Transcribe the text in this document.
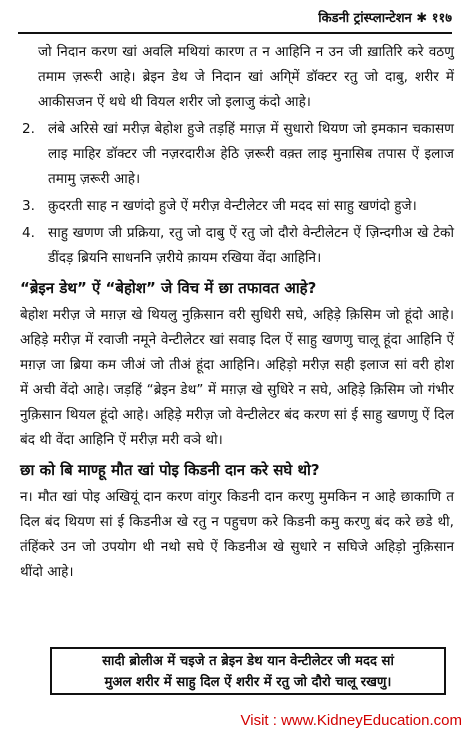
किडनी ट्रांस्प्लान्टेशन ✱ ११७

जो निदान करण खां अवलि मथियां कारण त न आहिनि न उन जी ख़ातिरि करे वठणु तमाम ज़रूरी आहे। ब्रेइन डेथ जे निदान खां अगि्में डॉक्टर रतु जो दाबु, शरीर में आकीसजन ऐं थधे थी वियल शरीर जो इलाजु कंदो आहे।

2. लंबे अरिसे खां मरीज़ बेहोश हुजे तड़हिं मग़ज़ में सुधारो थियण जो इमकान चकासण लाइ माहिर डॉक्टर जी नज़रदारीअ हेठि ज़रूरी वक़्त लाइ मुनासिब तपास ऐं इलाज तमामु ज़रूरी आहे।

3. क़ुदरती साह न खणंदो हुजे ऐं मरीज़ वेन्टीलेटर जी मदद सां साहु खणंदो हुजे।

4. साहु खणण जी प्रक्रिया, रतु जो दाबु ऐं रतु जो दौरो वेन्टीलेटन ऐं ज़िन्दगीअ खे टेको डींदड़ ब्रियनि साधननि ज़रीये क़ायम रखिया वेंदा आहिनि।

“ब्रेइन डेथ” ऐं “बेहोश” जे विच में छा तफावत आहे?

बेहोश मरीज़ जे मग़ज़ खे थियलु नुक़िसान वरी सुधिरी सघे, अहिड़े क़िसिम जो हूंदो आहे। अहिड़े मरीज़ में रवाजी नमूने वेन्टीलेटर खां सवाइ दिल ऐं साहु खणणु चालू हूंदा आहिनि ऐं मग़ज़ जा ब्रिया कम जीअं जो तीअं हूंदा आहिनि। अहिड़ो मरीज़ सही इलाज सां वरी होश में अची वेंदो आहे। जड़हिं “ब्रेइन डेथ” में मग़ज़ खे सुधिरे न सघे, अहिड़े क़िसिम जो गंभीर नुक़िसान थियल हूंदो आहे। अहिड़े मरीज़ जो वेन्टीलेटर बंद करण सां ई साहु खणणु ऐं दिल बंद थी वेंदा आहिनि ऐं मरीज़ मरी वञे थो।

छा को बि माण्हू मौत खां पोइ किडनी दान करे सघे थो?

न। मौत खां पोइ अखियूं दान करण वांगुर किडनी दान करणु मुमकिन न आहे छाकाणि त दिल बंद थियण सां ई किडनीअ खे रतु न पहुचण करे किडनी कमु करणु बंद करे छडे थी, तंहिंकरे उन जो उपयोग थी नथो सघे ऐं किडनीअ खे सुधारे न सघिजे अहिड़ो नुक़िसान थींदो आहे।

सादी ब्रोलीअ में चइजे त ब्रेइन डेथ यान वेन्टीलेटर जी मदद सां
मुअल शरीर में साहु दिल ऐं शरीर में रतु जो दौरो चालू रखणु।
Visit : www.KidneyEducation.com
